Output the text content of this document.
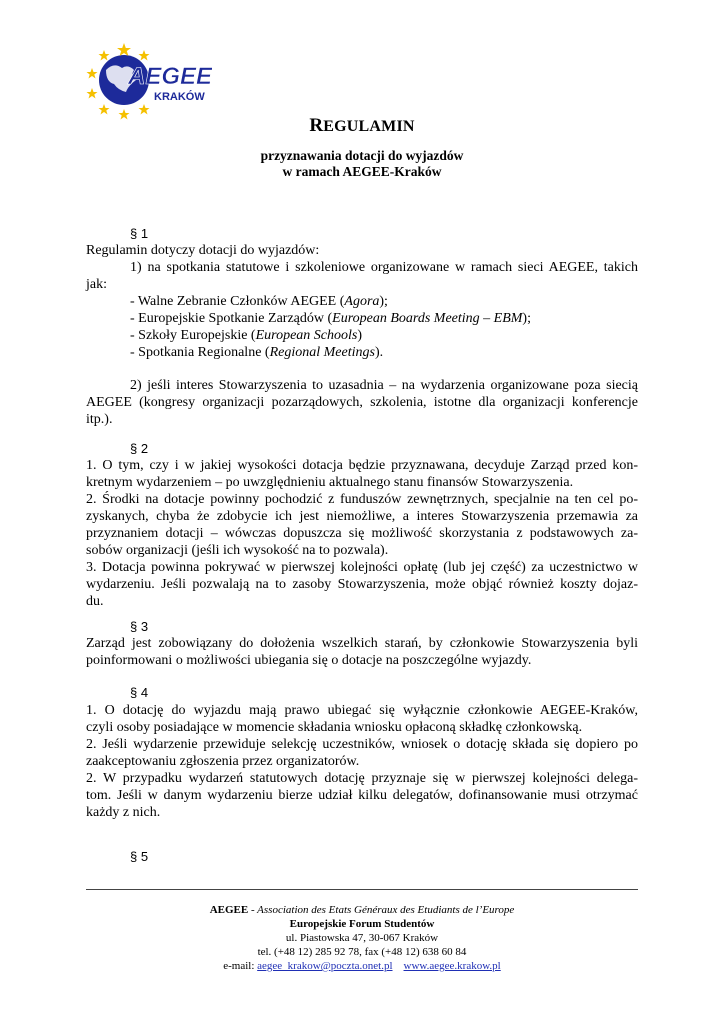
AEGEE
KRAKÓW
REGULAMIN
przyznawania dotacji do wyjazdów
w ramach AEGEE-Kraków
§ 1
Regulamin dotyczy dotacji do wyjazdów:
1) na spotkania statutowe i szkoleniowe organizowane w ramach sieci AEGEE, takich
jak:
- Walne Zebranie Członków AEGEE (Agora);
- Europejskie Spotkanie Zarządów (European Boards Meeting – EBM);
- Szkoły Europejskie (European Schools)
- Spotkania Regionalne (Regional Meetings).
2) jeśli interes Stowarzyszenia to uzasadnia – na wydarzenia organizowane poza siecią
AEGEE (kongresy organizacji pozarządowych, szkolenia, istotne dla organizacji konferencje
itp.).
§ 2
1. O tym, czy i w jakiej wysokości dotacja będzie przyznawana, decyduje Zarząd przed kon-
kretnym wydarzeniem – po uwzględnieniu aktualnego stanu finansów Stowarzyszenia.
2. Środki na dotacje powinny pochodzić z funduszów zewnętrznych, specjalnie na ten cel po-
zyskanych, chyba że zdobycie ich jest niemożliwe, a interes Stowarzyszenia przemawia za
przyznaniem dotacji – wówczas dopuszcza się możliwość skorzystania z podstawowych za-
sobów organizacji (jeśli ich wysokość na to pozwala).
3. Dotacja powinna pokrywać w pierwszej kolejności opłatę (lub jej część) za uczestnictwo w
wydarzeniu. Jeśli pozwalają na to zasoby Stowarzyszenia, może objąć również koszty dojaz-
du.
§ 3
Zarząd jest zobowiązany do dołożenia wszelkich starań, by członkowie Stowarzyszenia byli
poinformowani o możliwości ubiegania się o dotacje na poszczególne wyjazdy.
§ 4
1. O dotację do wyjazdu mają prawo ubiegać się wyłącznie członkowie AEGEE-Kraków,
czyli osoby posiadające w momencie składania wniosku opłaconą składkę członkowską.
2. Jeśli wydarzenie przewiduje selekcję uczestników, wniosek o dotację składa się dopiero po
zaakceptowaniu zgłoszenia przez organizatorów.
2. W przypadku wydarzeń statutowych dotację przyznaje się w pierwszej kolejności delega-
tom. Jeśli w danym wydarzeniu bierze udział kilku delegatów, dofinansowanie musi otrzymać
każdy z nich.
§ 5
AEGEE - Association des Etats Généraux des Etudiants de l’Europe
Europejskie Forum Studentów
ul. Piastowska 47, 30-067 Kraków
tel. (+48 12) 285 92 78, fax (+48 12) 638 60 84
e-mail: aegee_krakow@poczta.onet.pl www.aegee.krakow.pl
